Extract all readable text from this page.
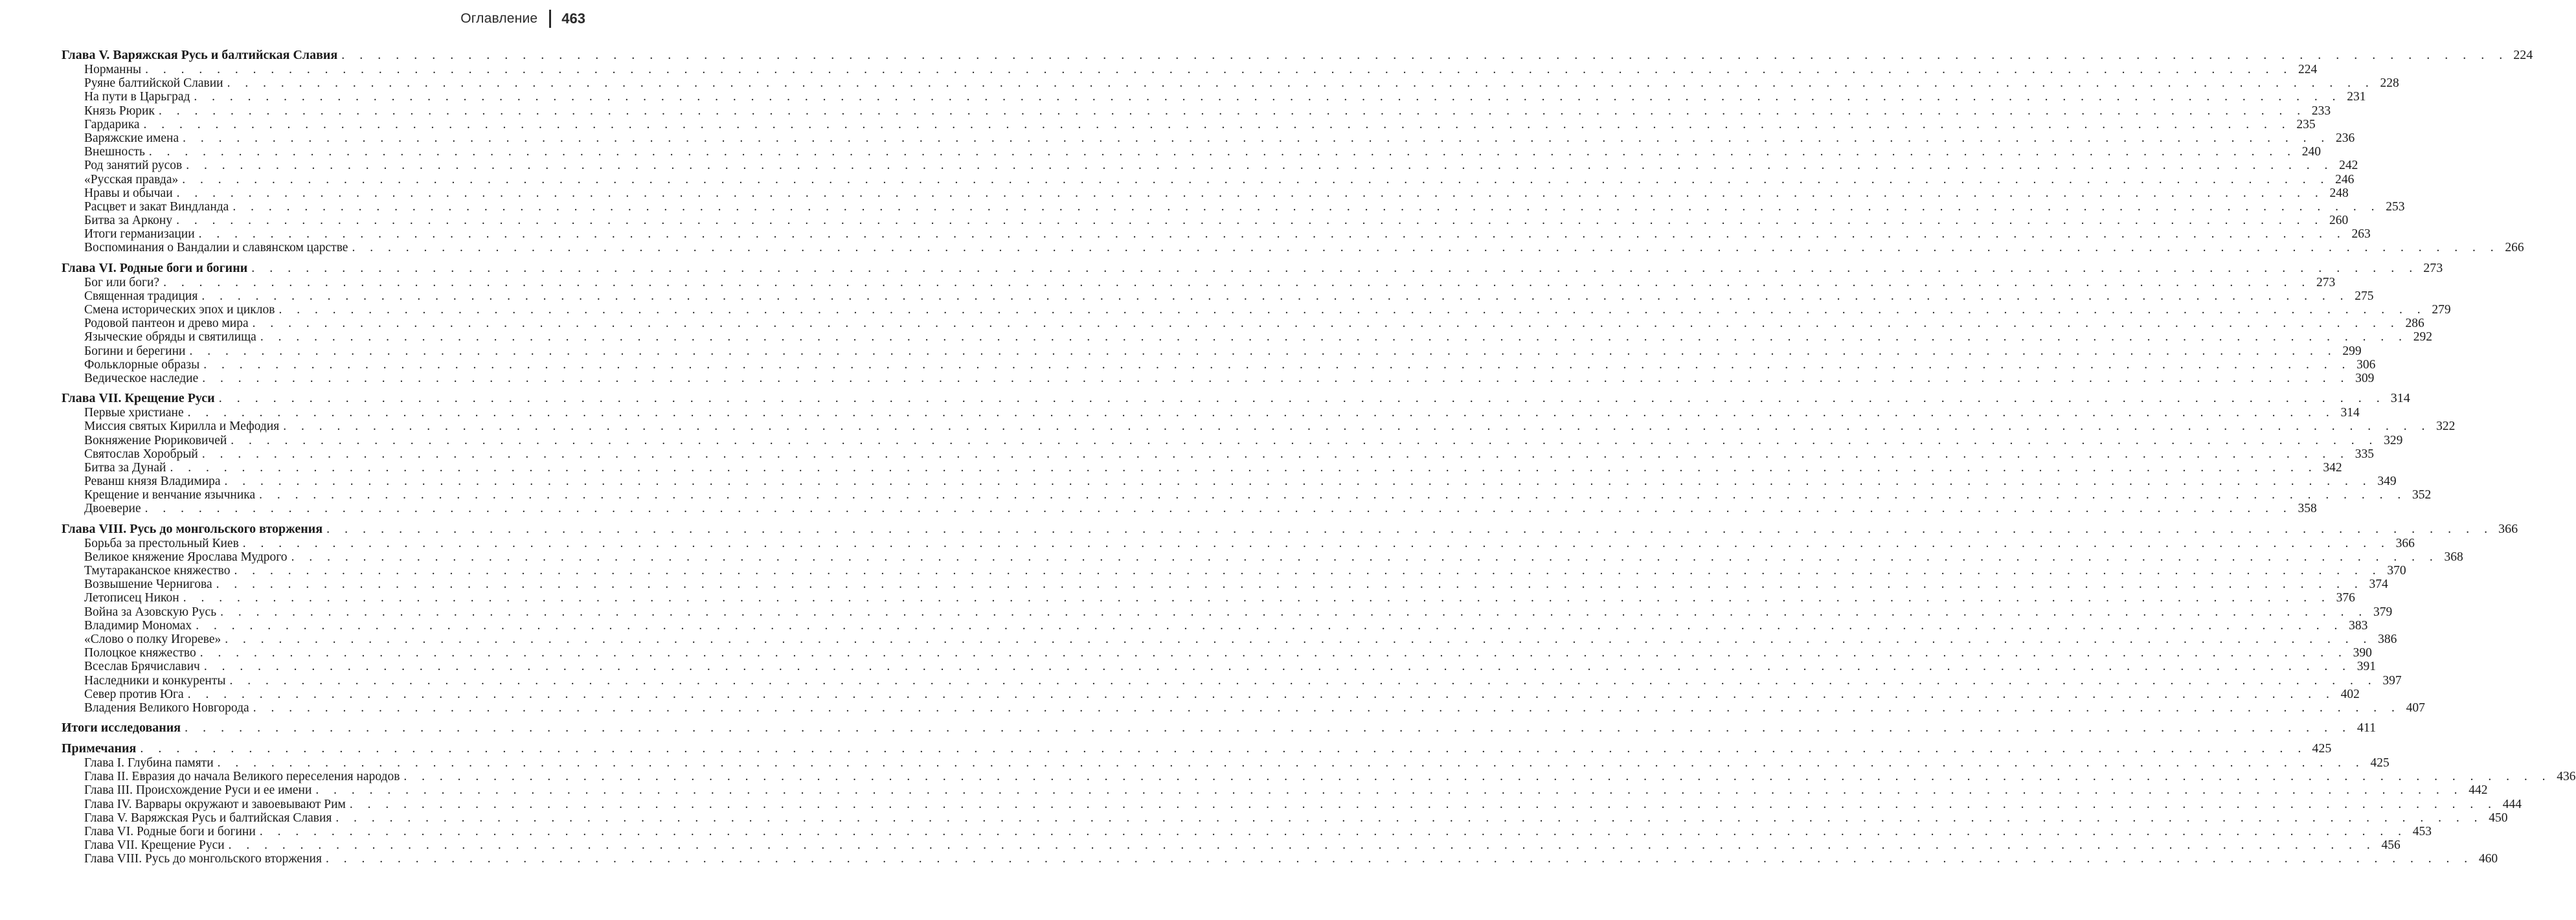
Оглавление 463
Глава V. Варяжская Русь и балтийская Славия . . . . . . . . . . . . . . . . . . . . . . . . . . . . . . . . . . . . . . . . . . . . . . . . . . . . . . . . . . . . . . . . . . . . . . . . . . . . . . . . . . . . . . . . . . . . . . . . . . . . . . . . . . . . . . . . . . . . . . . . 224
Норманны . . . . . . . . . . . . . . . . . . . . . . . . . . . . . . . . . . . . . . . . . . . . . . . . . . . . . . . . . . . . . . . . . . . . . . . . . . . . . . . . . . . . . . . . . . . . . . . . . . . . . . . . . . . . . . . . . . . . . . . . 224
Руяне балтийской Славии . . . . . . . . . . . . . . . . . . . . . . . . . . . . . . . . . . . . . . . . . . . . . . . . . . . . . . . . . . . . . . . . . . . . . . . . . . . . . . . . . . . . . . . . . . . . . . . . . . . . . . . . . . . . . . . . . . . . . . . . 228
На пути в Царьград . . . . . . . . . . . . . . . . . . . . . . . . . . . . . . . . . . . . . . . . . . . . . . . . . . . . . . . . . . . . . . . . . . . . . . . . . . . . . . . . . . . . . . . . . . . . . . . . . . . . . . . . . . . . . . . . . . . . . . . . 231
Князь Рюрик . . . . . . . . . . . . . . . . . . . . . . . . . . . . . . . . . . . . . . . . . . . . . . . . . . . . . . . . . . . . . . . . . . . . . . . . . . . . . . . . . . . . . . . . . . . . . . . . . . . . . . . . . . . . . . . . . . . . . . . . 233
Гардарика . . . . . . . . . . . . . . . . . . . . . . . . . . . . . . . . . . . . . . . . . . . . . . . . . . . . . . . . . . . . . . . . . . . . . . . . . . . . . . . . . . . . . . . . . . . . . . . . . . . . . . . . . . . . . . . . . . . . . . . . 235
Варяжские имена . . . . . . . . . . . . . . . . . . . . . . . . . . . . . . . . . . . . . . . . . . . . . . . . . . . . . . . . . . . . . . . . . . . . . . . . . . . . . . . . . . . . . . . . . . . . . . . . . . . . . . . . . . . . . . . . . . . . . . . . 236
Внешность . . . . . . . . . . . . . . . . . . . . . . . . . . . . . . . . . . . . . . . . . . . . . . . . . . . . . . . . . . . . . . . . . . . . . . . . . . . . . . . . . . . . . . . . . . . . . . . . . . . . . . . . . . . . . . . . . . . . . . . . 240
Род занятий русов . . . . . . . . . . . . . . . . . . . . . . . . . . . . . . . . . . . . . . . . . . . . . . . . . . . . . . . . . . . . . . . . . . . . . . . . . . . . . . . . . . . . . . . . . . . . . . . . . . . . . . . . . . . . . . . . . . . . . . . . 242
«Русская правда» . . . . . . . . . . . . . . . . . . . . . . . . . . . . . . . . . . . . . . . . . . . . . . . . . . . . . . . . . . . . . . . . . . . . . . . . . . . . . . . . . . . . . . . . . . . . . . . . . . . . . . . . . . . . . . . . . . . . . . . . 246
Нравы и обычаи . . . . . . . . . . . . . . . . . . . . . . . . . . . . . . . . . . . . . . . . . . . . . . . . . . . . . . . . . . . . . . . . . . . . . . . . . . . . . . . . . . . . . . . . . . . . . . . . . . . . . . . . . . . . . . . . . . . . . . . . 248
Расцвет и закат Виндланда . . . . . . . . . . . . . . . . . . . . . . . . . . . . . . . . . . . . . . . . . . . . . . . . . . . . . . . . . . . . . . . . . . . . . . . . . . . . . . . . . . . . . . . . . . . . . . . . . . . . . . . . . . . . . . . . . . . . . . . . 253
Битва за Аркону . . . . . . . . . . . . . . . . . . . . . . . . . . . . . . . . . . . . . . . . . . . . . . . . . . . . . . . . . . . . . . . . . . . . . . . . . . . . . . . . . . . . . . . . . . . . . . . . . . . . . . . . . . . . . . . . . . . . . . . . 260
Итоги германизации . . . . . . . . . . . . . . . . . . . . . . . . . . . . . . . . . . . . . . . . . . . . . . . . . . . . . . . . . . . . . . . . . . . . . . . . . . . . . . . . . . . . . . . . . . . . . . . . . . . . . . . . . . . . . . . . . . . . . . . . 263
Воспоминания о Вандалии и славянском царстве . . . . . . . . . . . . . . . . . . . . . . . . . . . . . . . . . . . . . . . . . . . . . . . . . . . . . . . . . . . . . . . . . . . . . . . . . . . . . . . . . . . . . . . . . . . . . . . . . . . . . . . . . . . . . . . . . . . . . . . . 266
Глава VI. Родные боги и богини . . . . . . . . . . . . . . . . . . . . . . . . . . . . . . . . . . . . . . . . . . . . . . . . . . . . . . . . . . . . . . . . . . . . . . . . . . . . . . . . . . . . . . . . . . . . . . . . . . . . . . . . . . . . . . . . . . . . . . . . 273
Бог или боги? . . . . . . . . . . . . . . . . . . . . . . . . . . . . . . . . . . . . . . . . . . . . . . . . . . . . . . . . . . . . . . . . . . . . . . . . . . . . . . . . . . . . . . . . . . . . . . . . . . . . . . . . . . . . . . . . . . . . . . . . 273
Священная традиция . . . . . . . . . . . . . . . . . . . . . . . . . . . . . . . . . . . . . . . . . . . . . . . . . . . . . . . . . . . . . . . . . . . . . . . . . . . . . . . . . . . . . . . . . . . . . . . . . . . . . . . . . . . . . . . . . . . . . . . . 275
Смена исторических эпох и циклов . . . . . . . . . . . . . . . . . . . . . . . . . . . . . . . . . . . . . . . . . . . . . . . . . . . . . . . . . . . . . . . . . . . . . . . . . . . . . . . . . . . . . . . . . . . . . . . . . . . . . . . . . . . . . . . . . . . . . . . . 279
Родовой пантеон и древо мира . . . . . . . . . . . . . . . . . . . . . . . . . . . . . . . . . . . . . . . . . . . . . . . . . . . . . . . . . . . . . . . . . . . . . . . . . . . . . . . . . . . . . . . . . . . . . . . . . . . . . . . . . . . . . . . . . . . . . . . . 286
Языческие обряды и святилища . . . . . . . . . . . . . . . . . . . . . . . . . . . . . . . . . . . . . . . . . . . . . . . . . . . . . . . . . . . . . . . . . . . . . . . . . . . . . . . . . . . . . . . . . . . . . . . . . . . . . . . . . . . . . . . . . . . . . . . . 292
Богини и берегини . . . . . . . . . . . . . . . . . . . . . . . . . . . . . . . . . . . . . . . . . . . . . . . . . . . . . . . . . . . . . . . . . . . . . . . . . . . . . . . . . . . . . . . . . . . . . . . . . . . . . . . . . . . . . . . . . . . . . . . . 299
Фольклорные образы . . . . . . . . . . . . . . . . . . . . . . . . . . . . . . . . . . . . . . . . . . . . . . . . . . . . . . . . . . . . . . . . . . . . . . . . . . . . . . . . . . . . . . . . . . . . . . . . . . . . . . . . . . . . . . . . . . . . . . . . 306
Ведическое наследие . . . . . . . . . . . . . . . . . . . . . . . . . . . . . . . . . . . . . . . . . . . . . . . . . . . . . . . . . . . . . . . . . . . . . . . . . . . . . . . . . . . . . . . . . . . . . . . . . . . . . . . . . . . . . . . . . . . . . . . . 309
Глава VII. Крещение Руси . . . . . . . . . . . . . . . . . . . . . . . . . . . . . . . . . . . . . . . . . . . . . . . . . . . . . . . . . . . . . . . . . . . . . . . . . . . . . . . . . . . . . . . . . . . . . . . . . . . . . . . . . . . . . . . . . . . . . . . . 314
Первые христиане . . . . . . . . . . . . . . . . . . . . . . . . . . . . . . . . . . . . . . . . . . . . . . . . . . . . . . . . . . . . . . . . . . . . . . . . . . . . . . . . . . . . . . . . . . . . . . . . . . . . . . . . . . . . . . . . . . . . . . . . 314
Миссия святых Кирилла и Мефодия . . . . . . . . . . . . . . . . . . . . . . . . . . . . . . . . . . . . . . . . . . . . . . . . . . . . . . . . . . . . . . . . . . . . . . . . . . . . . . . . . . . . . . . . . . . . . . . . . . . . . . . . . . . . . . . . . . . . . . . . 322
Вокняжение Рюриковичей . . . . . . . . . . . . . . . . . . . . . . . . . . . . . . . . . . . . . . . . . . . . . . . . . . . . . . . . . . . . . . . . . . . . . . . . . . . . . . . . . . . . . . . . . . . . . . . . . . . . . . . . . . . . . . . . . . . . . . . . 329
Святослав Хоробрый . . . . . . . . . . . . . . . . . . . . . . . . . . . . . . . . . . . . . . . . . . . . . . . . . . . . . . . . . . . . . . . . . . . . . . . . . . . . . . . . . . . . . . . . . . . . . . . . . . . . . . . . . . . . . . . . . . . . . . . . 335
Битва за Дунай . . . . . . . . . . . . . . . . . . . . . . . . . . . . . . . . . . . . . . . . . . . . . . . . . . . . . . . . . . . . . . . . . . . . . . . . . . . . . . . . . . . . . . . . . . . . . . . . . . . . . . . . . . . . . . . . . . . . . . . . 342
Реванш князя Владимира . . . . . . . . . . . . . . . . . . . . . . . . . . . . . . . . . . . . . . . . . . . . . . . . . . . . . . . . . . . . . . . . . . . . . . . . . . . . . . . . . . . . . . . . . . . . . . . . . . . . . . . . . . . . . . . . . . . . . . . . 349
Крещение и венчание язычника . . . . . . . . . . . . . . . . . . . . . . . . . . . . . . . . . . . . . . . . . . . . . . . . . . . . . . . . . . . . . . . . . . . . . . . . . . . . . . . . . . . . . . . . . . . . . . . . . . . . . . . . . . . . . . . . . . . . . . . . 352
Двоеверие . . . . . . . . . . . . . . . . . . . . . . . . . . . . . . . . . . . . . . . . . . . . . . . . . . . . . . . . . . . . . . . . . . . . . . . . . . . . . . . . . . . . . . . . . . . . . . . . . . . . . . . . . . . . . . . . . . . . . . . . 358
Глава VIII. Русь до монгольского вторжения . . . . . . . . . . . . . . . . . . . . . . . . . . . . . . . . . . . . . . . . . . . . . . . . . . . . . . . . . . . . . . . . . . . . . . . . . . . . . . . . . . . . . . . . . . . . . . . . . . . . . . . . . . . . . . . . . . . . . . . . 366
Борьба за престольный Киев . . . . . . . . . . . . . . . . . . . . . . . . . . . . . . . . . . . . . . . . . . . . . . . . . . . . . . . . . . . . . . . . . . . . . . . . . . . . . . . . . . . . . . . . . . . . . . . . . . . . . . . . . . . . . . . . . . . . . . . . 366
Великое княжение Ярослава Мудрого . . . . . . . . . . . . . . . . . . . . . . . . . . . . . . . . . . . . . . . . . . . . . . . . . . . . . . . . . . . . . . . . . . . . . . . . . . . . . . . . . . . . . . . . . . . . . . . . . . . . . . . . . . . . . . . . . . . . . . . . 368
Тмутараканское княжество . . . . . . . . . . . . . . . . . . . . . . . . . . . . . . . . . . . . . . . . . . . . . . . . . . . . . . . . . . . . . . . . . . . . . . . . . . . . . . . . . . . . . . . . . . . . . . . . . . . . . . . . . . . . . . . . . . . . . . . . 370
Возвышение Чернигова . . . . . . . . . . . . . . . . . . . . . . . . . . . . . . . . . . . . . . . . . . . . . . . . . . . . . . . . . . . . . . . . . . . . . . . . . . . . . . . . . . . . . . . . . . . . . . . . . . . . . . . . . . . . . . . . . . . . . . . . 374
Летописец Никон . . . . . . . . . . . . . . . . . . . . . . . . . . . . . . . . . . . . . . . . . . . . . . . . . . . . . . . . . . . . . . . . . . . . . . . . . . . . . . . . . . . . . . . . . . . . . . . . . . . . . . . . . . . . . . . . . . . . . . . . 376
Война за Азовскую Русь . . . . . . . . . . . . . . . . . . . . . . . . . . . . . . . . . . . . . . . . . . . . . . . . . . . . . . . . . . . . . . . . . . . . . . . . . . . . . . . . . . . . . . . . . . . . . . . . . . . . . . . . . . . . . . . . . . . . . . . . 379
Владимир Мономах . . . . . . . . . . . . . . . . . . . . . . . . . . . . . . . . . . . . . . . . . . . . . . . . . . . . . . . . . . . . . . . . . . . . . . . . . . . . . . . . . . . . . . . . . . . . . . . . . . . . . . . . . . . . . . . . . . . . . . . . 383
«Слово о полку Игореве» . . . . . . . . . . . . . . . . . . . . . . . . . . . . . . . . . . . . . . . . . . . . . . . . . . . . . . . . . . . . . . . . . . . . . . . . . . . . . . . . . . . . . . . . . . . . . . . . . . . . . . . . . . . . . . . . . . . . . . . . 386
Полоцкое княжество . . . . . . . . . . . . . . . . . . . . . . . . . . . . . . . . . . . . . . . . . . . . . . . . . . . . . . . . . . . . . . . . . . . . . . . . . . . . . . . . . . . . . . . . . . . . . . . . . . . . . . . . . . . . . . . . . . . . . . . . 390
Всеслав Брячиславич . . . . . . . . . . . . . . . . . . . . . . . . . . . . . . . . . . . . . . . . . . . . . . . . . . . . . . . . . . . . . . . . . . . . . . . . . . . . . . . . . . . . . . . . . . . . . . . . . . . . . . . . . . . . . . . . . . . . . . . . 391
Наследники и конкуренты . . . . . . . . . . . . . . . . . . . . . . . . . . . . . . . . . . . . . . . . . . . . . . . . . . . . . . . . . . . . . . . . . . . . . . . . . . . . . . . . . . . . . . . . . . . . . . . . . . . . . . . . . . . . . . . . . . . . . . . . 397
Север против Юга . . . . . . . . . . . . . . . . . . . . . . . . . . . . . . . . . . . . . . . . . . . . . . . . . . . . . . . . . . . . . . . . . . . . . . . . . . . . . . . . . . . . . . . . . . . . . . . . . . . . . . . . . . . . . . . . . . . . . . . . 402
Владения Великого Новгорода . . . . . . . . . . . . . . . . . . . . . . . . . . . . . . . . . . . . . . . . . . . . . . . . . . . . . . . . . . . . . . . . . . . . . . . . . . . . . . . . . . . . . . . . . . . . . . . . . . . . . . . . . . . . . . . . . . . . . . . . 407
Итоги исследования . . . . . . . . . . . . . . . . . . . . . . . . . . . . . . . . . . . . . . . . . . . . . . . . . . . . . . . . . . . . . . . . . . . . . . . . . . . . . . . . . . . . . . . . . . . . . . . . . . . . . . . . . . . . . . . . . . . . . . . . 411
Примечания . . . . . . . . . . . . . . . . . . . . . . . . . . . . . . . . . . . . . . . . . . . . . . . . . . . . . . . . . . . . . . . . . . . . . . . . . . . . . . . . . . . . . . . . . . . . . . . . . . . . . . . . . . . . . . . . . . . . . . . . 425
Глава I. Глубина памяти . . . . . . . . . . . . . . . . . . . . . . . . . . . . . . . . . . . . . . . . . . . . . . . . . . . . . . . . . . . . . . . . . . . . . . . . . . . . . . . . . . . . . . . . . . . . . . . . . . . . . . . . . . . . . . . . . . . . . . . . 425
Глава II. Евразия до начала Великого переселения народов . . . . . . . . . . . . . . . . . . . . . . . . . . . . . . . . . . . . . . . . . . . . . . . . . . . . . . . . . . . . . . . . . . . . . . . . . . . . . . . . . . . . . . . . . . . . . . . . . . . . . . . . . . . . . . . . . . . . . . . . 436
Глава III. Происхождение Руси и ее имени . . . . . . . . . . . . . . . . . . . . . . . . . . . . . . . . . . . . . . . . . . . . . . . . . . . . . . . . . . . . . . . . . . . . . . . . . . . . . . . . . . . . . . . . . . . . . . . . . . . . . . . . . . . . . . . . . . . . . . . . 442
Глава IV. Варвары окружают и завоевывают Рим . . . . . . . . . . . . . . . . . . . . . . . . . . . . . . . . . . . . . . . . . . . . . . . . . . . . . . . . . . . . . . . . . . . . . . . . . . . . . . . . . . . . . . . . . . . . . . . . . . . . . . . . . . . . . . . . . . . . . . . . 444
Глава V. Варяжская Русь и балтийская Славия . . . . . . . . . . . . . . . . . . . . . . . . . . . . . . . . . . . . . . . . . . . . . . . . . . . . . . . . . . . . . . . . . . . . . . . . . . . . . . . . . . . . . . . . . . . . . . . . . . . . . . . . . . . . . . . . . . . . . . . . 450
Глава VI. Родные боги и богини . . . . . . . . . . . . . . . . . . . . . . . . . . . . . . . . . . . . . . . . . . . . . . . . . . . . . . . . . . . . . . . . . . . . . . . . . . . . . . . . . . . . . . . . . . . . . . . . . . . . . . . . . . . . . . . . . . . . . . . . 453
Глава VII. Крещение Руси . . . . . . . . . . . . . . . . . . . . . . . . . . . . . . . . . . . . . . . . . . . . . . . . . . . . . . . . . . . . . . . . . . . . . . . . . . . . . . . . . . . . . . . . . . . . . . . . . . . . . . . . . . . . . . . . . . . . . . . . 456
Глава VIII. Русь до монгольского вторжения . . . . . . . . . . . . . . . . . . . . . . . . . . . . . . . . . . . . . . . . . . . . . . . . . . . . . . . . . . . . . . . . . . . . . . . . . . . . . . . . . . . . . . . . . . . . . . . . . . . . . . . . . . . . . . . . . . . . . . . . 460
